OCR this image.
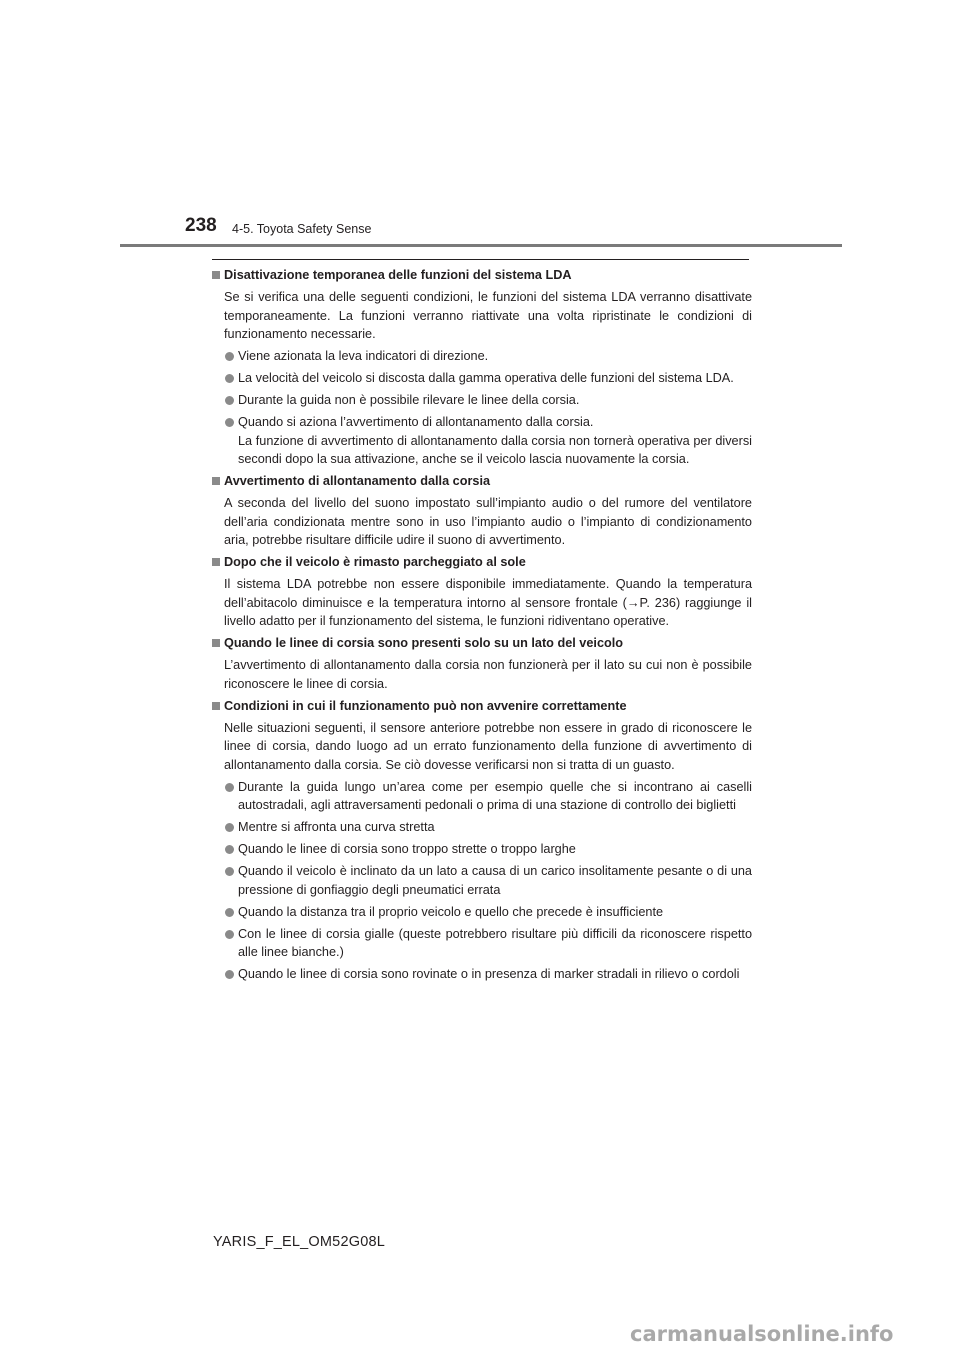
238 4-5. Toyota Safety Sense
Disattivazione temporanea delle funzioni del sistema LDA
Se si verifica una delle seguenti condizioni, le funzioni del sistema LDA verranno disattivate temporaneamente. La funzioni verranno riattivate una volta ripristinate le condizioni di funzionamento necessarie.
Viene azionata la leva indicatori di direzione.
La velocità del veicolo si discosta dalla gamma operativa delle funzioni del sistema LDA.
Durante la guida non è possibile rilevare le linee della corsia.
Quando si aziona l’avvertimento di allontanamento dalla corsia.
La funzione di avvertimento di allontanamento dalla corsia non tornerà operativa per diversi secondi dopo la sua attivazione, anche se il veicolo lascia nuovamente la corsia.
Avvertimento di allontanamento dalla corsia
A seconda del livello del suono impostato sull’impianto audio o del rumore del ventilatore dell’aria condizionata mentre sono in uso l’impianto audio o l’impianto di condizionamento aria, potrebbe risultare difficile udire il suono di avvertimento.
Dopo che il veicolo è rimasto parcheggiato al sole
Il sistema LDA potrebbe non essere disponibile immediatamente. Quando la temperatura dell’abitacolo diminuisce e la temperatura intorno al sensore frontale (→P. 236) raggiunge il livello adatto per il funzionamento del sistema, le funzioni ridiventano operative.
Quando le linee di corsia sono presenti solo su un lato del veicolo
L’avvertimento di allontanamento dalla corsia non funzionerà per il lato su cui non è possibile riconoscere le linee di corsia.
Condizioni in cui il funzionamento può non avvenire correttamente
Nelle situazioni seguenti, il sensore anteriore potrebbe non essere in grado di riconoscere le linee di corsia, dando luogo ad un errato funzionamento della funzione di avvertimento di allontanamento dalla corsia. Se ciò dovesse verificarsi non si tratta di un guasto.
Durante la guida lungo un’area come per esempio quelle che si incontrano ai caselli autostradali, agli attraversamenti pedonali o prima di una stazione di controllo dei biglietti
Mentre si affronta una curva stretta
Quando le linee di corsia sono troppo strette o troppo larghe
Quando il veicolo è inclinato da un lato a causa di un carico insolitamente pesante o di una pressione di gonfiaggio degli pneumatici errata
Quando la distanza tra il proprio veicolo e quello che precede è insufficiente
Con le linee di corsia gialle (queste potrebbero risultare più difficili da riconoscere rispetto alle linee bianche.)
Quando le linee di corsia sono rovinate o in presenza di marker stradali in rilievo o cordoli
YARIS_F_EL_OM52G08L
carmanualsonline.info
